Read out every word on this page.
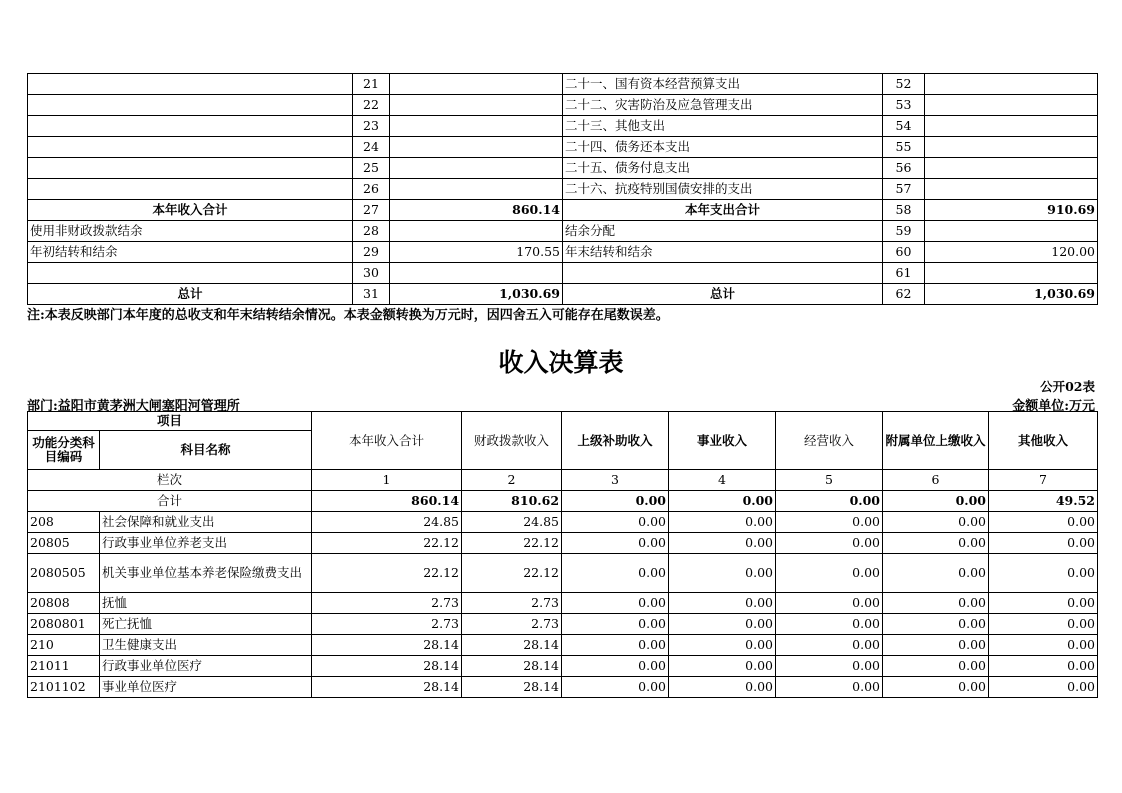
	21		二十一、国有资本经营预算支出	52	
	22		二十二、灾害防治及应急管理支出	53	
	23		二十三、其他支出	54	
	24		二十四、债务还本支出	55	
	25		二十五、债务付息支出	56	
	26		二十六、抗疫特别国债安排的支出	57	
本年收入合计	27	860.14	本年支出合计	58	910.69
使用非财政拨款结余	28		结余分配	59	
年初结转和结余	29	170.55	年末结转和结余	60	120.00
	30			61	
总计	31	1,030.69	总计	62	1,030.69
注:本表反映部门本年度的总收支和年末结转结余情况。本表金额转换为万元时，因四舍五入可能存在尾数误差。
收入决算表
公开02表
部门:益阳市黄茅洲大闸塞阳河管理所	金额单位:万元
项目		本年收入合计	财政拨款收入	上级补助收入	事业收入	经营收入	附属单位上缴收入	其他收入
功能分类科目编码	科目名称							
栏次		1	2	3	4	5	6	7
合计		860.14	810.62	0.00	0.00	0.00	0.00	49.52
208	社会保障和就业支出	24.85	24.85	0.00	0.00	0.00	0.00	0.00
20805	行政事业单位养老支出	22.12	22.12	0.00	0.00	0.00	0.00	0.00
2080505	机关事业单位基本养老保险缴费支出	22.12	22.12	0.00	0.00	0.00	0.00	0.00
20808	抚恤	2.73	2.73	0.00	0.00	0.00	0.00	0.00
2080801	死亡抚恤	2.73	2.73	0.00	0.00	0.00	0.00	0.00
210	卫生健康支出	28.14	28.14	0.00	0.00	0.00	0.00	0.00
21011	行政事业单位医疗	28.14	28.14	0.00	0.00	0.00	0.00	0.00
2101102	事业单位医疗	28.14	28.14	0.00	0.00	0.00	0.00	0.00
